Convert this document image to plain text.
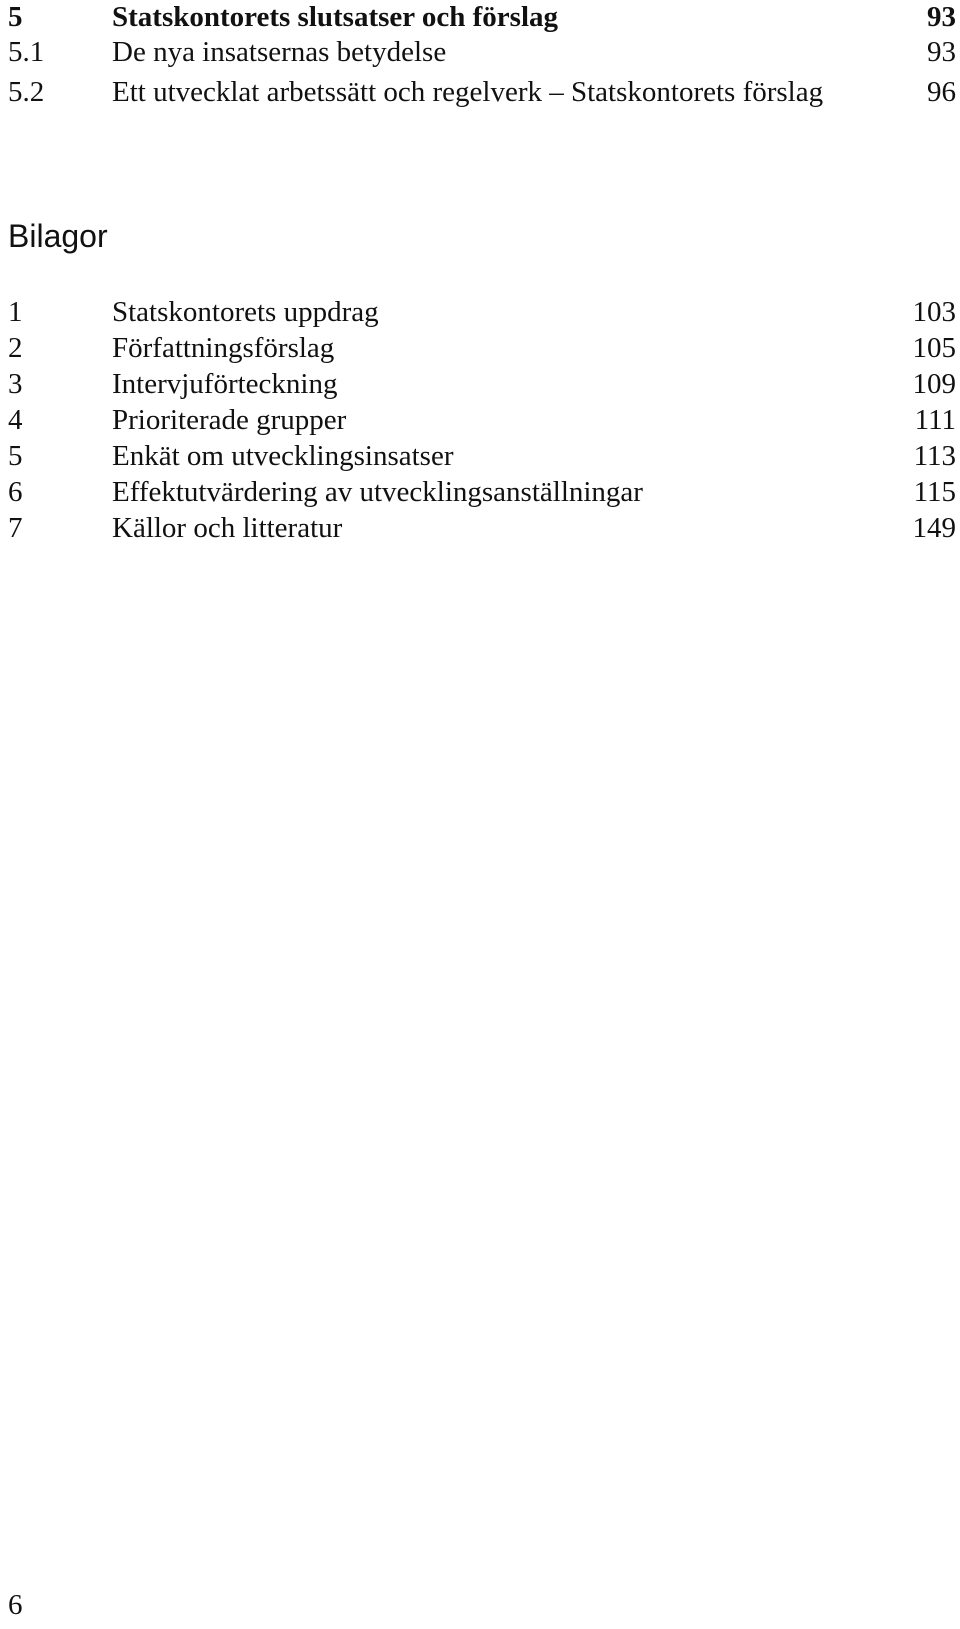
5	Statskontorets slutsatser och förslag	93
5.1	De nya insatsernas betydelse	93
5.2	Ett utvecklat arbetssätt och regelverk – Statskontorets förslag	96
Bilagor
1	Statskontorets uppdrag	103
2	Författningsförslag	105
3	Intervjuförteckning	109
4	Prioriterade grupper	111
5	Enkät om utvecklingsinsatser	113
6	Effektutvärdering av utvecklingsanställningar	115
7	Källor och litteratur	149
6
